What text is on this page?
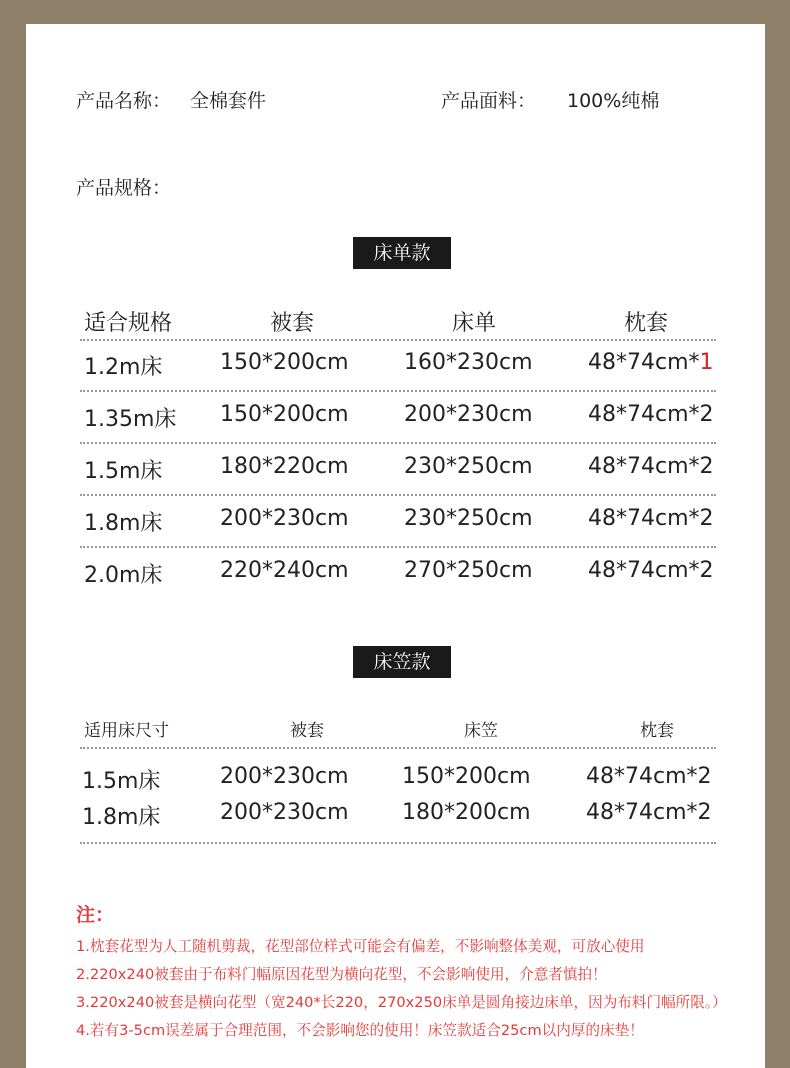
产品名称： 全棉套件	产品面料： 100%纯棉
产品规格：
床单款
适合规格	被套	床单	枕套
1.2m床	150*200cm	160*230cm	48*74cm*1
1.35m床 150*200cm	200*230cm	48*74cm*2
1.5m床	180*220cm	230*250cm	48*74cm*2
1.8m床	200*230cm	230*250cm	48*74cm*2
2.0m床	220*240cm	270*250cm	48*74cm*2
床笠款
适用床尺寸	被套	床笠	枕套
1.5m床	200*230cm 150*200cm	48*74cm*2
1.8m床	200*230cm 180*200cm	48*74cm*2
注：
1.枕套花型为人工随机剪裁，花型部位样式可能会有偏差，不影响整体美观，可放心使用
2.220x240被套由于布料门幅原因花型为横向花型，不会影响使用，介意者慎拍！
3.220x240被套是横向花型（宽240*长220，270x250床单是圆角接边床单，因为布料门幅所限。）
4.若有3-5cm误差属于合理范围，不会影响您的使用！床笠款适合25cm以内厚的床垫！
